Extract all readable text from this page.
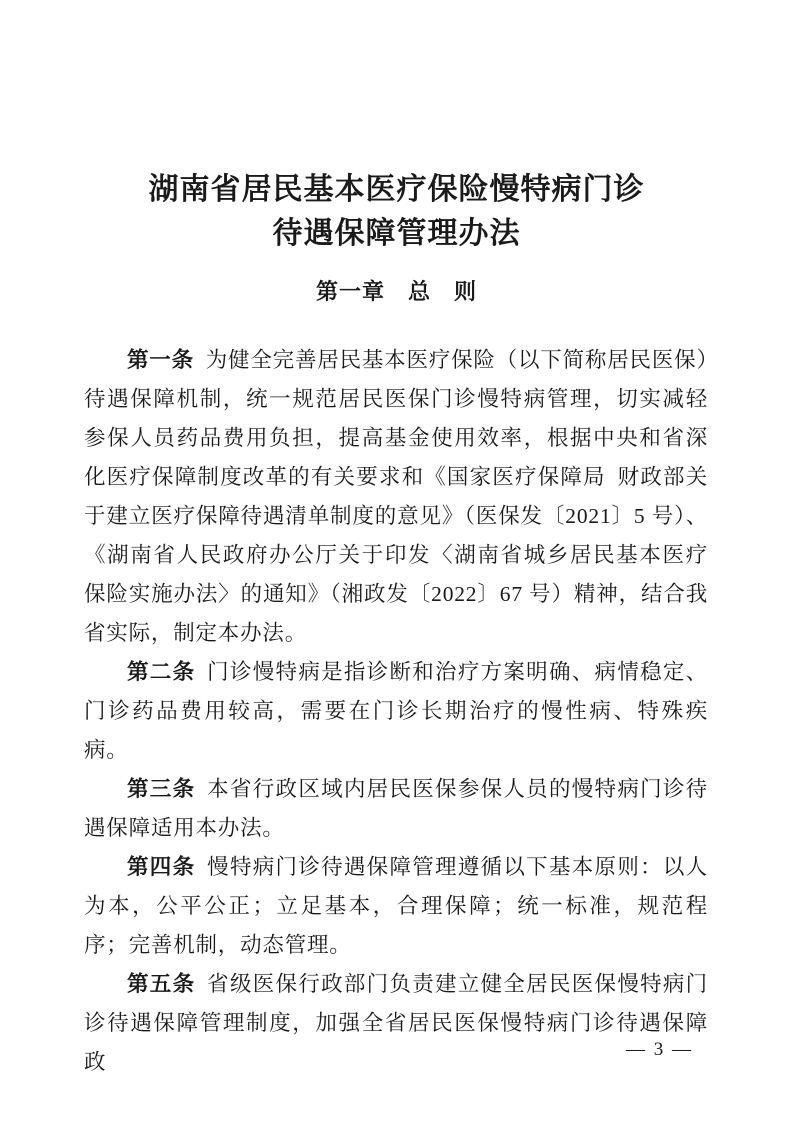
湖南省居民基本医疗保险慢特病门诊
待遇保障管理办法
第一章　总　则

第一条 为健全完善居民基本医疗保险（以下简称居民医保）待遇保障机制，统一规范居民医保门诊慢特病管理，切实减轻参保人员药品费用负担，提高基金使用效率，根据中央和省深化医疗保障制度改革的有关要求和《国家医疗保障局 财政部关于建立医疗保障待遇清单制度的意见》（医保发〔2021〕5 号）、《湖南省人民政府办公厅关于印发〈湖南省城乡居民基本医疗保险实施办法〉的通知》（湘政发〔2022〕67 号）精神，结合我省实际，制定本办法。

第二条 门诊慢特病是指诊断和治疗方案明确、病情稳定、门诊药品费用较高，需要在门诊长期治疗的慢性病、特殊疾病。

第三条 本省行政区域内居民医保参保人员的慢特病门诊待遇保障适用本办法。

第四条 慢特病门诊待遇保障管理遵循以下基本原则：以人为本，公平公正；立足基本，合理保障；统一标准，规范程序；完善机制，动态管理。

第五条 省级医保行政部门负责建立健全居民医保慢特病门诊待遇保障管理制度，加强全省居民医保慢特病门诊待遇保障政

— 3 —
